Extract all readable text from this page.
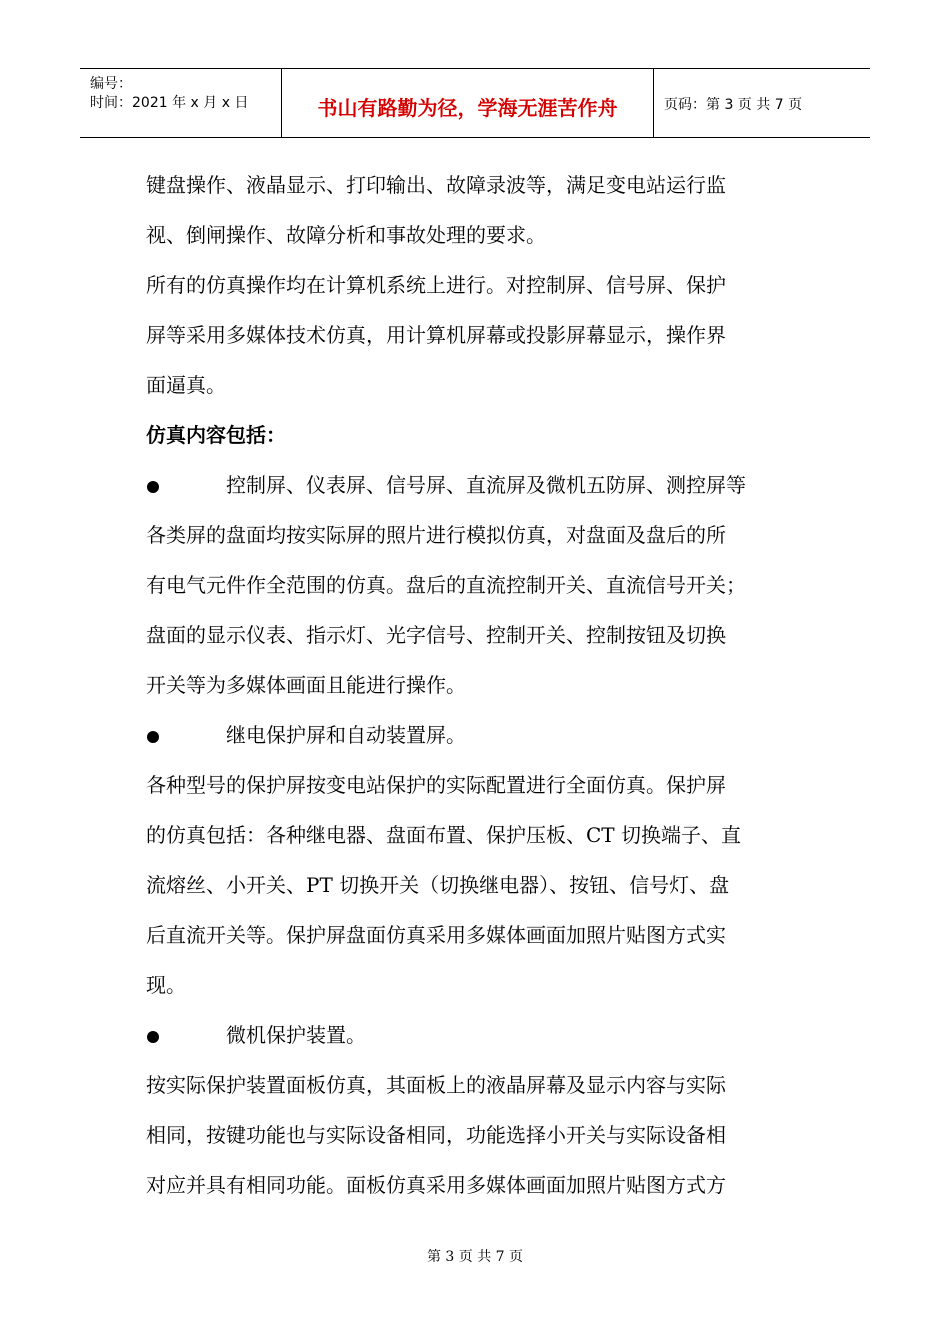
编号：
时间：2021 年 x 月 x 日	书山有路勤为径，学海无涯苦作舟	页码：第 3 页 共 7 页
键盘操作、液晶显示、打印输出、故障录波等，满足变电站运行监
视、倒闸操作、故障分析和事故处理的要求。
所有的仿真操作均在计算机系统上进行。对控制屏、信号屏、保护
屏等采用多媒体技术仿真，用计算机屏幕或投影屏幕显示，操作界
面逼真。
仿真内容包括：
控制屏、仪表屏、信号屏、直流屏及微机五防屏、测控屏等
各类屏的盘面均按实际屏的照片进行模拟仿真，对盘面及盘后的所
有电气元件作全范围的仿真。盘后的直流控制开关、直流信号开关；
盘面的显示仪表、指示灯、光字信号、控制开关、控制按钮及切换
开关等为多媒体画面且能进行操作。
继电保护屏和自动装置屏。
各种型号的保护屏按变电站保护的实际配置进行全面仿真。保护屏
的仿真包括：各种继电器、盘面布置、保护压板、CT 切换端子、直
流熔丝、小开关、PT 切换开关（切换继电器）、按钮、信号灯、盘
后直流开关等。保护屏盘面仿真采用多媒体画面加照片贴图方式实
现。
微机保护装置。
按实际保护装置面板仿真，其面板上的液晶屏幕及显示内容与实际
相同，按键功能也与实际设备相同，功能选择小开关与实际设备相
对应并具有相同功能。面板仿真采用多媒体画面加照片贴图方式方
第 3 页 共 7 页
